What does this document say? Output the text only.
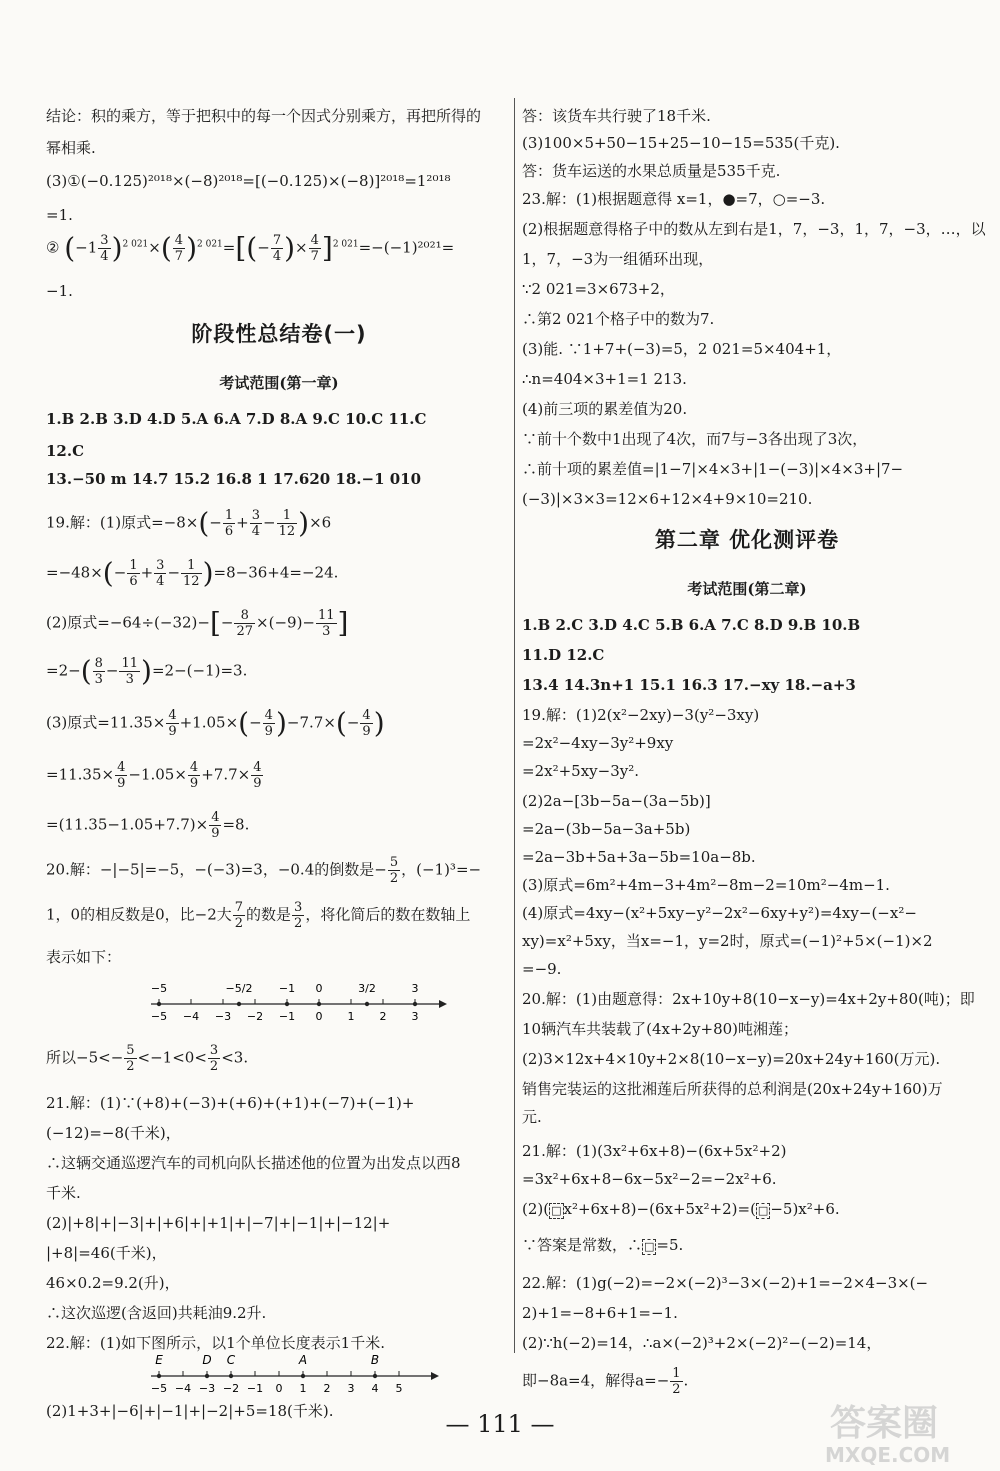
结论：积的乘方，等于把积中的每一个因式分别乘方，再把所得的
幂相乘.
(3)①(−0.125)²⁰¹⁸×(−8)²⁰¹⁸=[(−0.125)×(−8)]²⁰¹⁸=1²⁰¹⁸
=1.
② $(-1 \frac{3}{4} )^{2 021}\times( \frac{4}{7} )^{2 021}=[(- \frac{7}{4}$ )× $\frac{4}{7} ]^{2 021}=-(-1)^{2021}=$
−1.
阶段性总结卷(一)
考试范围(第一章)
1.B 2.B 3.D 4.D 5.A 6.A 7.D 8.A 9.C 10.C 11.C
12.C
13.−50 m 14.7 15.2 16.8 1 17.620 18.−1 010
19.解：(1)原式$=-8\times(- \frac{1}{6} + \frac{3}{4} - \frac{1}{12} )\times 6$
$=-48\times(- \frac{1}{6} + \frac{3}{4} - \frac{1}{12} )=8-36+4=-24$.
(2)原式$=-64\div(-32)-[- \frac{8}{27} \times(-9)- \frac{11}{3}$ ]
$=2-( \frac{8}{3} - \frac{11}{3} )=2-(-1)=3$.
(3)原式$=11.35\times \frac{4}{9} +1.05\times(- \frac{4}{9} )-7.7\times(- \frac{4}{9}$ )
$=11.35\times \frac{4}{9} -1.05\times \frac{4}{9} +7.7\times \frac{4}{9}$
$=(11.35-1.05+7.7)\times \frac{4}{9} =8$.
20.解：−|−5|=−5，−(−3)=3，−0.4的倒数是− $\frac{5}{2}$ ，(−1)³=−
1，0的相反数是0，比−2大 $\frac{7}{2}$ 的数是 $\frac{3}{2}$ ，将化简后的数在数轴上
表示如下：
−5 −4 −3 −2 −1 0 1 2 3
−5	−5/2 −1 0	3/2	3
所以$-5<- \frac{5}{2} <-1<0< \frac{3}{2} <3$.
21.解：(1)∵(+8)+(−3)+(+6)+(+1)+(−7)+(−1)+
(−12)=−8(千米)，
∴这辆交通巡逻汽车的司机向队长描述他的位置为出发点以西8
千米.
(2)|+8|+|−3|+|+6|+|+1|+|−7|+|−1|+|−12|+
|+8|=46(千米)，
46×0.2=9.2(升)，
∴这次巡逻(含返回)共耗油9.2升.
22.解：(1)如下图所示，以1个单位长度表示1千米.
−5 −4 −3 −2 −1 0 1 2 3 4 5
E	D C	A	B
(2)1+3+|−6|+|−1|+|−2|+5=18(千米).
答：该货车共行驶了18千米.
(3)100×5+50−15+25−10−15=535(千克).
答：货车运送的水果总质量是535千克.
23.解：(1)根据题意得 x=1，●=7，○=−3.
(2)根据题意得格子中的数从左到右是1，7，−3，1，7，−3，…，以
1，7，−3为一组循环出现，
∵2 021=3×673+2，
∴第2 021个格子中的数为7.
(3)能. ∵1+7+(−3)=5，2 021=5×404+1，
∴n=404×3+1=1 213.
(4)前三项的累差值为20.
∵前十个数中1出现了4次，而7与−3各出现了3次，
∴前十项的累差值=|1−7|×4×3+|1−(−3)|×4×3+|7−
(−3)|×3×3=12×6+12×4+9×10=210.
第二章 优化测评卷
考试范围(第二章)
1.B 2.C 3.D 4.C 5.B 6.A 7.C 8.D 9.B 10.B
11.D 12.C
13.4 14.3n+1 15.1 16.3 17.−xy 18.−a+3
19.解：(1)2(x²−2xy)−3(y²−3xy)
=2x²−4xy−3y²+9xy
=2x²+5xy−3y².
(2)2a−[3b−5a−(3a−5b)]
=2a−(3b−5a−3a+5b)
=2a−3b+5a+3a−5b=10a−8b.
(3)原式=6m²+4m−3+4m²−8m−2=10m²−4m−1.
(4)原式=4xy−(x²+5xy−y²−2x²−6xy+y²)=4xy−(−x²−
xy)=x²+5xy，当x=−1，y=2时，原式=(−1)²+5×(−1)×2
=−9.
20.解：(1)由题意得：2x+10y+8(10−x−y)=4x+2y+80(吨)；即
10辆汽车共装载了(4x+2y+80)吨湘莲；
(2)3×12x+4×10y+2×8(10−x−y)=20x+24y+160(万元).
销售完装运的这批湘莲后所获得的总利润是(20x+24y+160)万
元.
21.解：(1)(3x²+6x+8)−(6x+5x²+2)
=3x²+6x+8−6x−5x²−2=−2x²+6.
(2)( □ x²+6x+8)−(6x+5x²+2)=( □ −5)x²+6.
∵答案是常数，∴ □ =5.
22.解：(1)g(−2)=−2×(−2)³−3×(−2)+1=−2×4−3×(−
2)+1=−8+6+1=−1.
(2)∵h(−2)=14，∴a×(−2)³+2×(−2)²−(−2)=14，
即−8a=4，解得$a=- \frac{1}{2}$ .
— 111 —	答案圈
MXQE.COM
